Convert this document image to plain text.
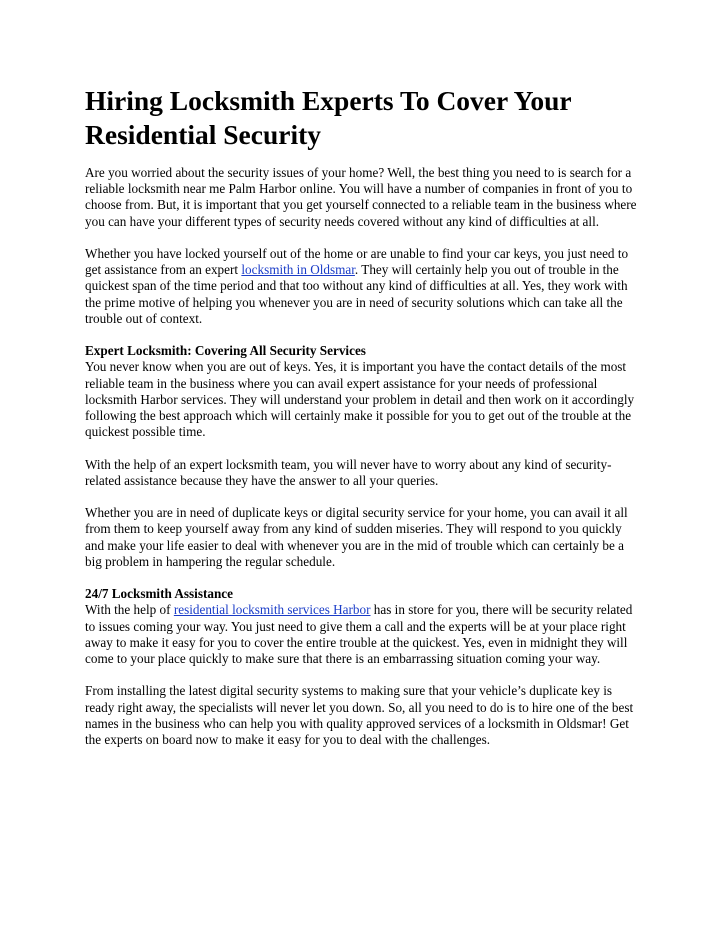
Hiring Locksmith Experts To Cover Your Residential Security

Are you worried about the security issues of your home? Well, the best thing you need to is search for a reliable locksmith near me Palm Harbor online. You will have a number of companies in front of you to choose from. But, it is important that you get yourself connected to a reliable team in the business where you can have your different types of security needs covered without any kind of difficulties at all.

Whether you have locked yourself out of the home or are unable to find your car keys, you just need to get assistance from an expert locksmith in Oldsmar. They will certainly help you out of trouble in the quickest span of the time period and that too without any kind of difficulties at all. Yes, they work with the prime motive of helping you whenever you are in need of security solutions which can take all the trouble out of context.

Expert Locksmith: Covering All Security Services

You never know when you are out of keys. Yes, it is important you have the contact details of the most reliable team in the business where you can avail expert assistance for your needs of professional locksmith Harbor services. They will understand your problem in detail and then work on it accordingly following the best approach which will certainly make it possible for you to get out of the trouble at the quickest possible time.

With the help of an expert locksmith team, you will never have to worry about any kind of security-related assistance because they have the answer to all your queries.

Whether you are in need of duplicate keys or digital security service for your home, you can avail it all from them to keep yourself away from any kind of sudden miseries. They will respond to you quickly and make your life easier to deal with whenever you are in the mid of trouble which can certainly be a big problem in hampering the regular schedule.

24/7 Locksmith Assistance

With the help of residential locksmith services Harbor has in store for you, there will be security related to issues coming your way. You just need to give them a call and the experts will be at your place right away to make it easy for you to cover the entire trouble at the quickest. Yes, even in midnight they will come to your place quickly to make sure that there is an embarrassing situation coming your way.

From installing the latest digital security systems to making sure that your vehicle’s duplicate key is ready right away, the specialists will never let you down. So, all you need to do is to hire one of the best names in the business who can help you with quality approved services of a locksmith in Oldsmar! Get the experts on board now to make it easy for you to deal with the challenges.
